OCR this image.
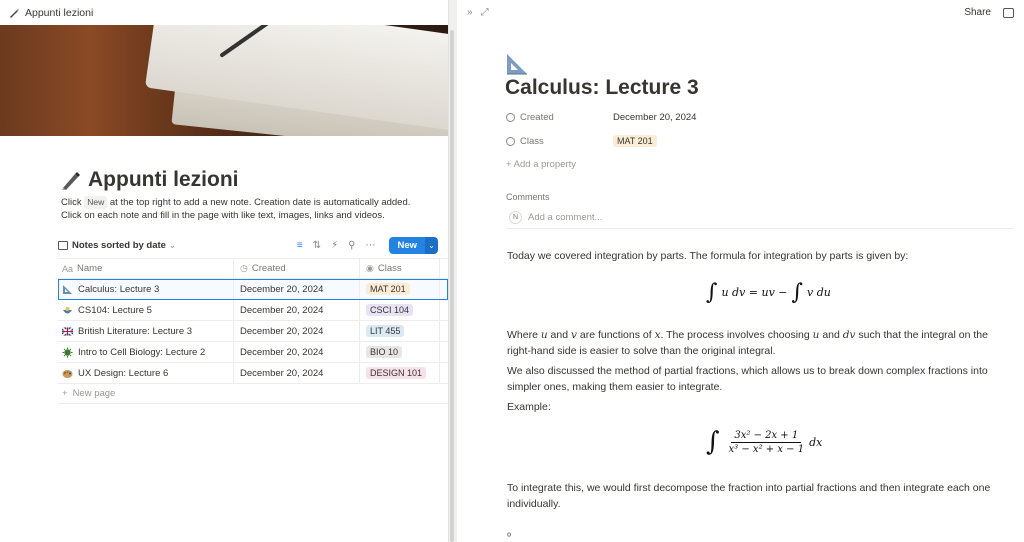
Appunti lezioni
Appunti lezioni
Click New at the top right to add a new note. Creation date is automatically added.
Click on each note and fill in the page with like text, images, links and videos.
Notes sorted by date ⌄	≡ ⇅ ⚡︎ ⚲ ⋯	New	⌄
Aa Name	◷ Created	◉ Class
Calculus: Lecture 3	December 20, 2024	MAT 201
CS104: Lecture 5	December 20, 2024	CSCI 104
British Literature: Lecture 3	December 20, 2024	LIT 455
Intro to Cell Biology: Lecture 2	December 20, 2024	BIO 10
UX Design: Lecture 6	December 20, 2024	DESIGN 101
+ New page
» ⤢	Share
Calculus: Lecture 3
Created	December 20, 2024
Class	MAT 201
+ Add a property
Comments
N	Add a comment...
Today we covered integration by parts. The formula for integration by parts is given by:
∫ u dv = uv − ∫ v du
Where u and v are functions of x. The process involves choosing u and dv such that the integral on the
right-hand side is easier to solve than the original integral.
We also discussed the method of partial fractions, which allows us to break down complex fractions into simpler ones, making them easier to integrate.
Example:
∫ $\frac{\text{3x² − 2x + 1}}{\text{x³ − x² + x − 1}}$ dx
To integrate this, we would first decompose the fraction into partial fractions and then integrate each one individually.
⁰
